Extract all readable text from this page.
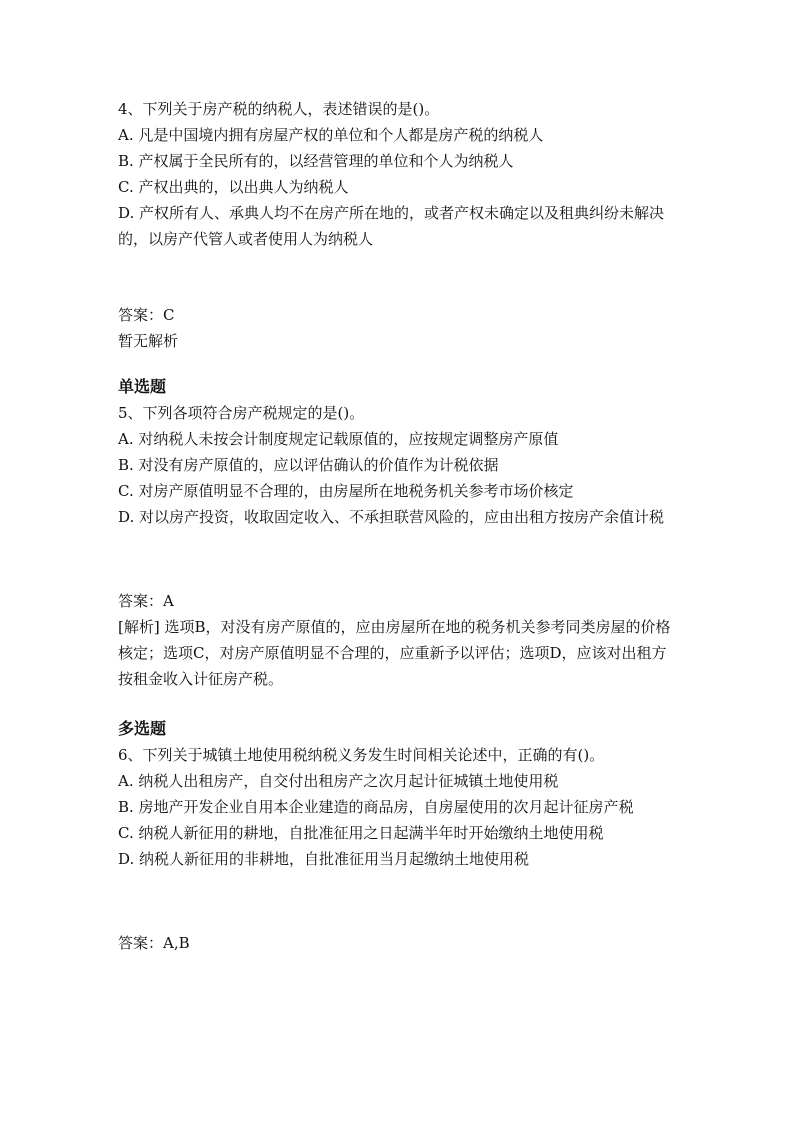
4、下列关于房产税的纳税人，表述错误的是()。
A. 凡是中国境内拥有房屋产权的单位和个人都是房产税的纳税人
B. 产权属于全民所有的，以经营管理的单位和个人为纳税人
C. 产权出典的，以出典人为纳税人
D. 产权所有人、承典人均不在房产所在地的，或者产权未确定以及租典纠纷未解决的，以房产代管人或者使用人为纳税人
答案：C
暂无解析
单选题
5、下列各项符合房产税规定的是()。
A. 对纳税人未按会计制度规定记载原值的，应按规定调整房产原值
B. 对没有房产原值的，应以评估确认的价值作为计税依据
C. 对房产原值明显不合理的，由房屋所在地税务机关参考市场价核定
D. 对以房产投资，收取固定收入、不承担联营风险的，应由出租方按房产余值计税
答案：A
[解析] 选项B，对没有房产原值的，应由房屋所在地的税务机关参考同类房屋的价格核定；选项C，对房产原值明显不合理的，应重新予以评估；选项D，应该对出租方按租金收入计征房产税。
多选题
6、下列关于城镇土地使用税纳税义务发生时间相关论述中，正确的有()。
A. 纳税人出租房产，自交付出租房产之次月起计征城镇土地使用税
B. 房地产开发企业自用本企业建造的商品房，自房屋使用的次月起计征房产税
C. 纳税人新征用的耕地，自批准征用之日起满半年时开始缴纳土地使用税
D. 纳税人新征用的非耕地，自批准征用当月起缴纳土地使用税
答案：A,B
